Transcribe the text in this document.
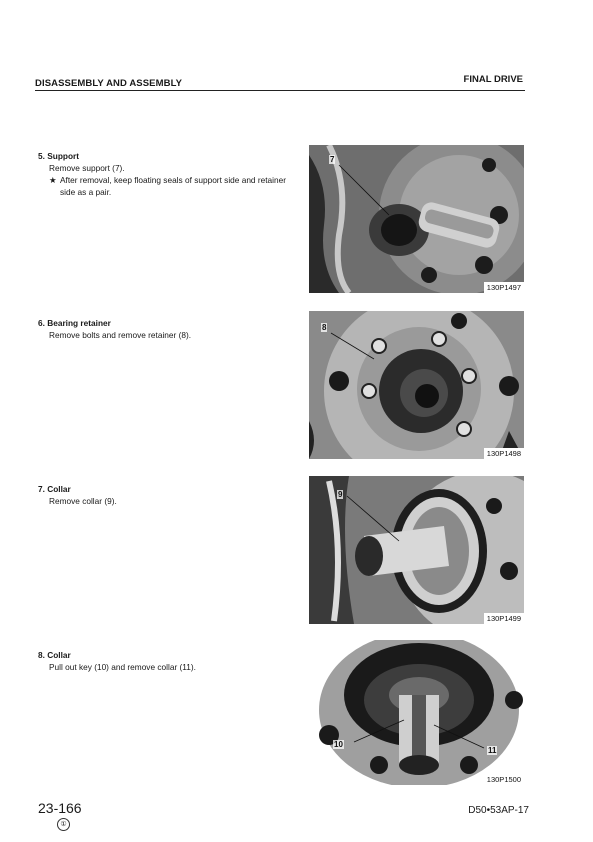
DISASSEMBLY AND ASSEMBLY	FINAL DRIVE
5. Support
Remove support (7).
★ After removal, keep floating seals of support side and retainer side as a pair.
6. Bearing retainer
Remove bolts and remove retainer (8).
7. Collar
Remove collar (9).
8. Collar
Pull out key (10) and remove collar (11).
7
130P1497
8
130P1498
9
130P1499
10
11
130P1500
23-166
①
D50•53AP-17
